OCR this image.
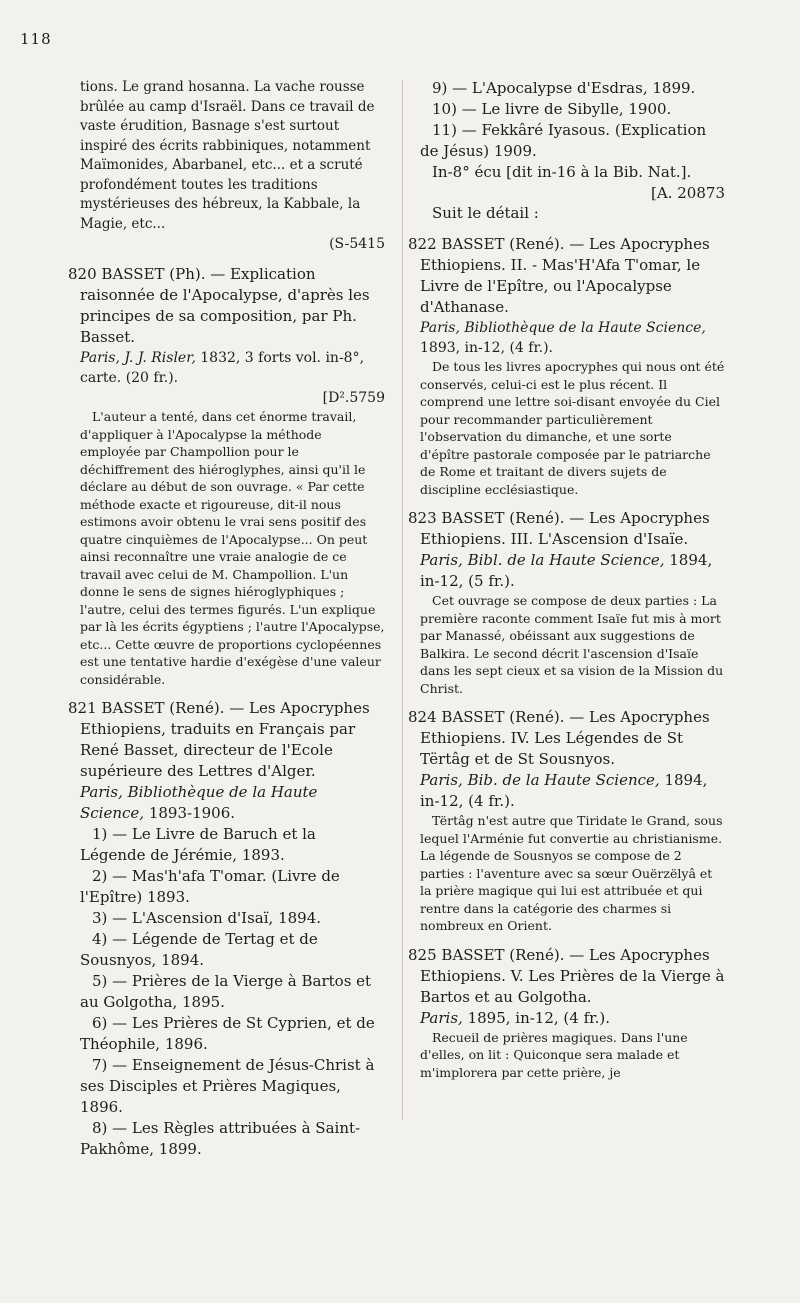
118

tions. Le grand hosanna. La vache rousse brûlée au camp d'Israël. Dans ce travail de vaste érudition, Basnage s'est surtout inspiré des écrits rabbiniques, notamment Maïmonides, Abarbanel, etc... et a scruté profondément toutes les traditions mystérieuses des hébreux, la Kabbale, la Magie, etc...

(S-5415

820 BASSET (Ph). — Explication raisonnée de l'Apocalypse, d'après les principes de sa composition, par Ph. Basset.

Paris, J. J. Risler, 1832, 3 forts vol. in-8°, carte. (20 fr.).

[D².5759

L'auteur a tenté, dans cet énorme travail, d'appliquer à l'Apocalypse la méthode employée par Champollion pour le déchiffrement des hiéroglyphes, ainsi qu'il le déclare au début de son ouvrage. « Par cette méthode exacte et rigoureuse, dit-il nous estimons avoir obtenu le vrai sens positif des quatre cinquièmes de l'Apocalypse... On peut ainsi reconnaître une vraie analogie de ce travail avec celui de M. Champollion. L'un donne le sens de signes hiéroglyphiques ; l'autre, celui des termes figurés. L'un explique par là les écrits égyptiens ; l'autre l'Apocalypse, etc... Cette œuvre de proportions cyclopéennes est une tentative hardie d'exégèse d'une valeur considérable.

821 BASSET (René). — Les Apocryphes Ethiopiens, traduits en Français par René Basset, directeur de l'Ecole supérieure des Lettres d'Alger.

Paris, Bibliothèque de la Haute Science, 1893-1906.

1) — Le Livre de Baruch et la Légende de Jérémie, 1893.

2) — Mas'h'afa T'omar. (Livre de l'Epître) 1893.

3) — L'Ascension d'Isaï, 1894.

4) — Légende de Tertag et de Sousnyos, 1894.

5) — Prières de la Vierge à Bartos et au Golgotha, 1895.

6) — Les Prières de St Cyprien, et de Théophile, 1896.

7) — Enseignement de Jésus-Christ à ses Disciples et Prières Magiques, 1896.

8) — Les Règles attribuées à Saint-Pakhôme, 1899.

9) — L'Apocalypse d'Esdras, 1899.

10) — Le livre de Sibylle, 1900.

11) — Fekkâré Iyasous. (Explication de Jésus) 1909.

In-8° écu [dit in-16 à la Bib. Nat.].

[A. 20873

Suit le détail :

822 BASSET (René). — Les Apocryphes Ethiopiens. II. - Mas'H'Afa T'omar, le Livre de l'Epître, ou l'Apocalypse d'Athanase.

Paris, Bibliothèque de la Haute Science, 1893, in-12, (4 fr.).

De tous les livres apocryphes qui nous ont été conservés, celui-ci est le plus récent. Il comprend une lettre soi-disant envoyée du Ciel pour recommander particulièrement l'observation du dimanche, et une sorte d'épître pastorale composée par le patriarche de Rome et traitant de divers sujets de discipline ecclésiastique.

823 BASSET (René). — Les Apocryphes Ethiopiens. III. L'Ascension d'Isaïe.

Paris, Bibl. de la Haute Science, 1894, in-12, (5 fr.).

Cet ouvrage se compose de deux parties : La première raconte comment Isaïe fut mis à mort par Manassé, obéissant aux suggestions de Balkira. Le second décrit l'ascension d'Isaïe dans les sept cieux et sa vision de la Mission du Christ.

824 BASSET (René). — Les Apocryphes Ethiopiens. IV. Les Légendes de St Tërtâg et de St Sousnyos.

Paris, Bib. de la Haute Science, 1894, in-12, (4 fr.).

Tërtâg n'est autre que Tiridate le Grand, sous lequel l'Arménie fut convertie au christianisme. La légende de Sousnyos se compose de 2 parties : l'aventure avec sa sœur Ouërzëlyâ et la prière magique qui lui est attribuée et qui rentre dans la catégorie des charmes si nombreux en Orient.

825 BASSET (René). — Les Apocryphes Ethiopiens. V. Les Prières de la Vierge à Bartos et au Golgotha.

Paris, 1895, in-12, (4 fr.).

Recueil de prières magiques. Dans l'une d'elles, on lit : Quiconque sera malade et m'implorera par cette prière, je
